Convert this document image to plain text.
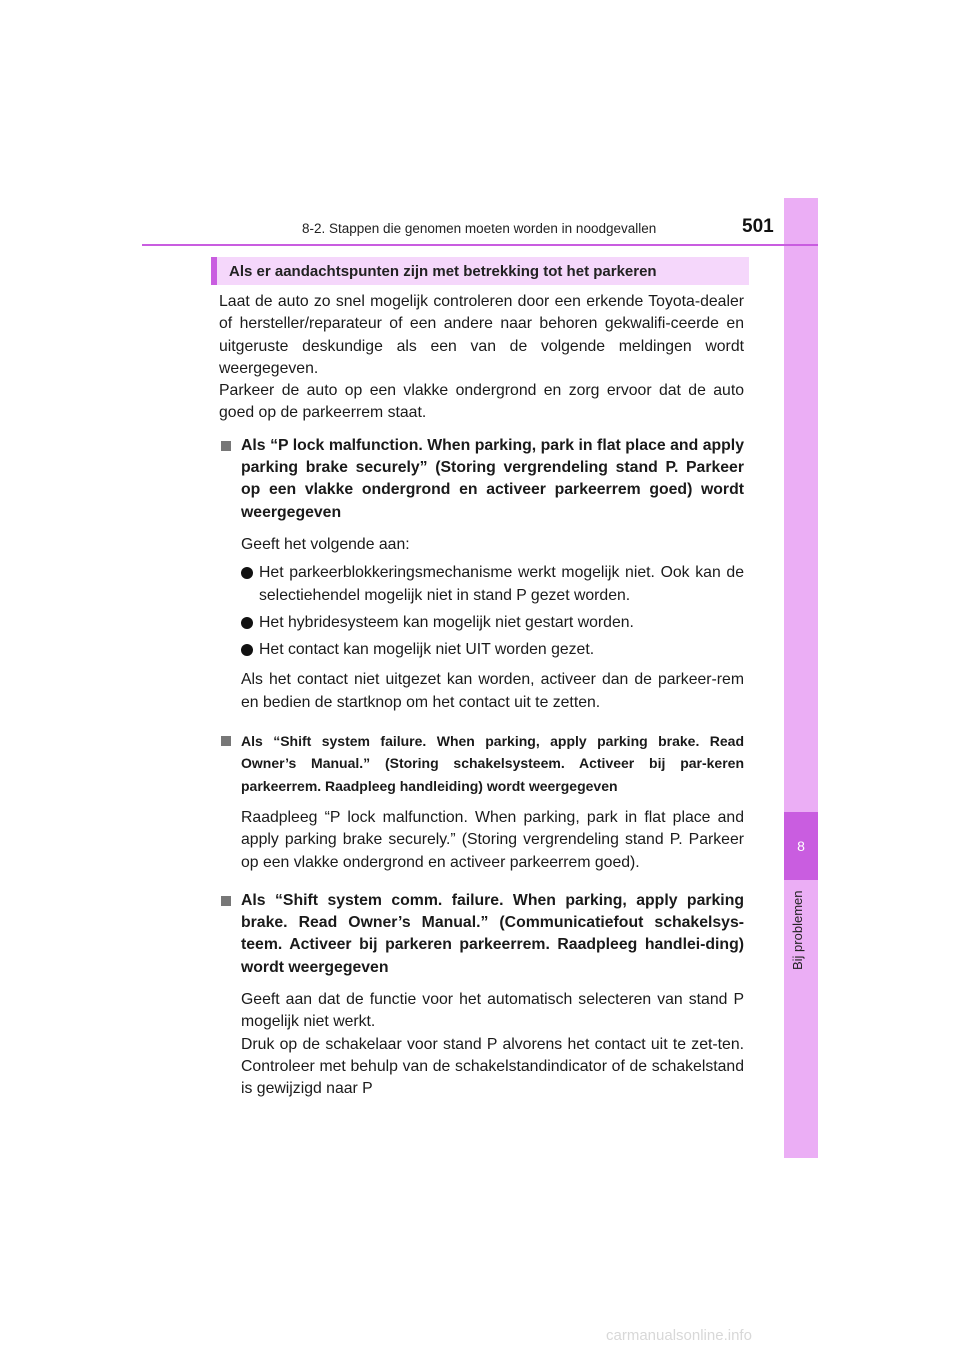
8
Bij problemen
8-2. Stappen die genomen moeten worden in noodgevallen	501
Als er aandachtspunten zijn met betrekking tot het parkeren

Laat de auto zo snel mogelijk controleren door een erkende Toyota-dealer of hersteller/reparateur of een andere naar behoren gekwalifi-ceerde en uitgeruste deskundige als een van de volgende meldingen wordt weergegeven.

Parkeer de auto op een vlakke ondergrond en zorg ervoor dat de auto goed op de parkeerrem staat.

Als “P lock malfunction. When parking, park in flat place and apply parking brake securely” (Storing vergrendeling stand P. Parkeer op een vlakke ondergrond en activeer parkeerrem goed) wordt weergegeven

Geeft het volgende aan:

Het parkeerblokkeringsmechanisme werkt mogelijk niet. Ook kan de selectiehendel mogelijk niet in stand P gezet worden.
Het hybridesysteem kan mogelijk niet gestart worden.
Het contact kan mogelijk niet UIT worden gezet.

Als het contact niet uitgezet kan worden, activeer dan de parkeer-rem en bedien de startknop om het contact uit te zetten.

Als “Shift system failure. When parking, apply parking brake. Read Owner’s Manual.” (Storing schakelsysteem. Activeer bij par-keren parkeerrem. Raadpleeg handleiding) wordt weergegeven

Raadpleeg “P lock malfunction. When parking, park in flat place and apply parking brake securely.” (Storing vergrendeling stand P. Parkeer op een vlakke ondergrond en activeer parkeerrem goed).

Als “Shift system comm. failure. When parking, apply parking brake. Read Owner’s Manual.” (Communicatiefout schakelsys-teem. Activeer bij parkeren parkeerrem. Raadpleeg handlei-ding) wordt weergegeven

Geeft aan dat de functie voor het automatisch selecteren van stand P mogelijk niet werkt.

Druk op de schakelaar voor stand P alvorens het contact uit te zet-ten. Controleer met behulp van de schakelstandindicator of de schakelstand is gewijzigd naar P

carmanualsonline.info
